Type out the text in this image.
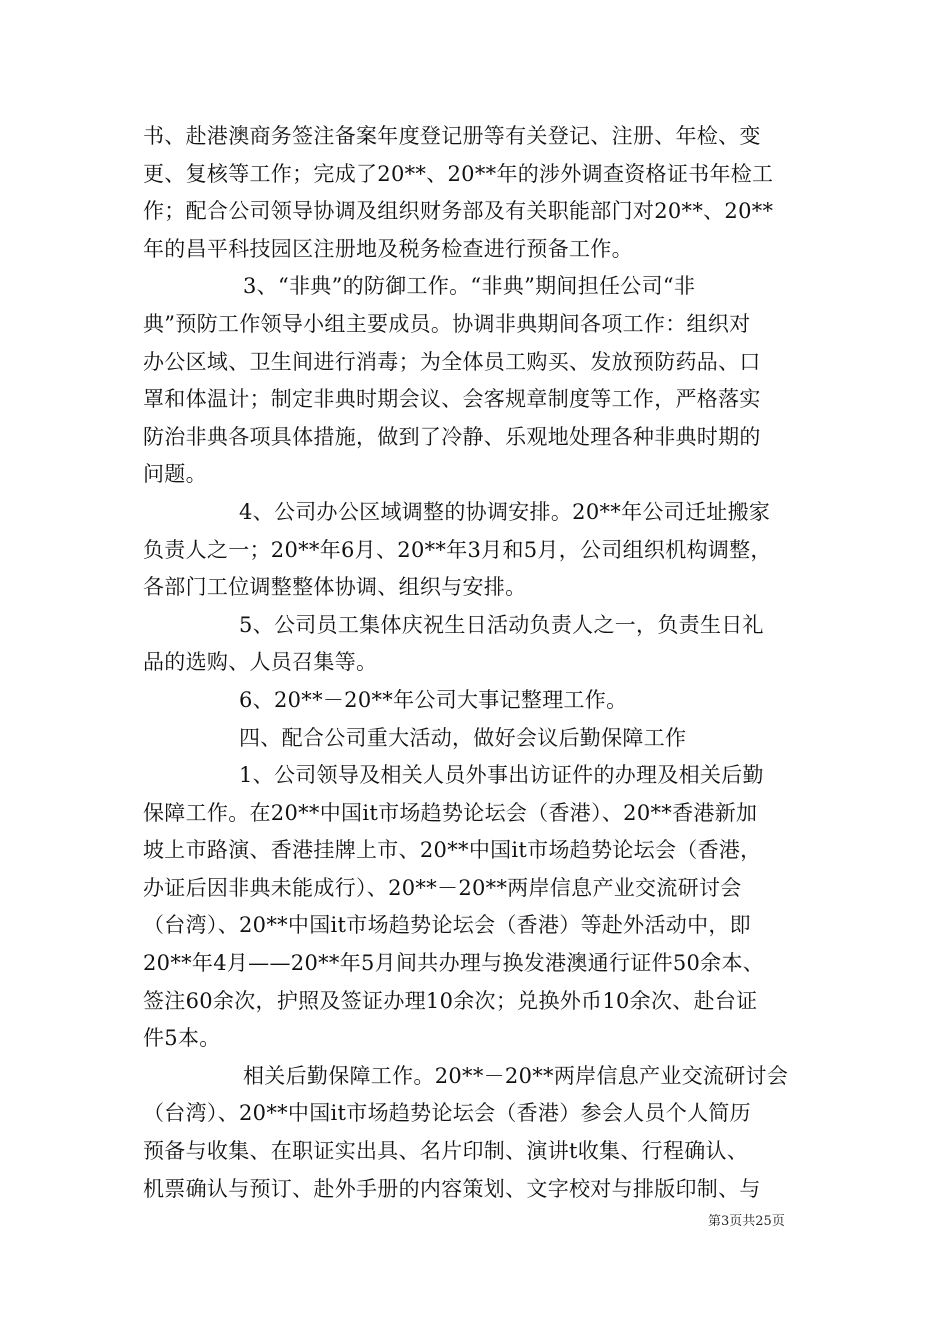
书、赴港澳商务签注备案年度登记册等有关登记、注册、年检、变
更、复核等工作；完成了20**、20**年的涉外调查资格证书年检工
作；配合公司领导协调及组织财务部及有关职能部门对20**、20**
年的昌平科技园区注册地及税务检查进行预备工作。
3、“非典”的防御工作。“非典”期间担任公司“非
典”预防工作领导小组主要成员。协调非典期间各项工作：组织对
办公区域、卫生间进行消毒；为全体员工购买、发放预防药品、口
罩和体温计；制定非典时期会议、会客规章制度等工作，严格落实
防治非典各项具体措施，做到了冷静、乐观地处理各种非典时期的
问题。
4、公司办公区域调整的协调安排。20**年公司迁址搬家
负责人之一；20**年6月、20**年3月和5月，公司组织机构调整，
各部门工位调整整体协调、组织与安排。
5、公司员工集体庆祝生日活动负责人之一，负责生日礼
品的选购、人员召集等。
6、20**－20**年公司大事记整理工作。
四、配合公司重大活动，做好会议后勤保障工作
1、公司领导及相关人员外事出访证件的办理及相关后勤
保障工作。在20**中国it市场趋势论坛会（香港）、20**香港新加
坡上市路演、香港挂牌上市、20**中国it市场趋势论坛会（香港，
办证后因非典未能成行）、20**－20**两岸信息产业交流研讨会
（台湾）、20**中国it市场趋势论坛会（香港）等赴外活动中，即
20**年4月——20**年5月间共办理与换发港澳通行证件50余本、
签注60余次，护照及签证办理10余次；兑换外币10余次、赴台证
件5本。
相关后勤保障工作。20**－20**两岸信息产业交流研讨会
（台湾）、20**中国it市场趋势论坛会（香港）参会人员个人简历
预备与收集、在职证实出具、名片印制、演讲t收集、行程确认、
机票确认与预订、赴外手册的内容策划、文字校对与排版印制、与
第3页共25页
